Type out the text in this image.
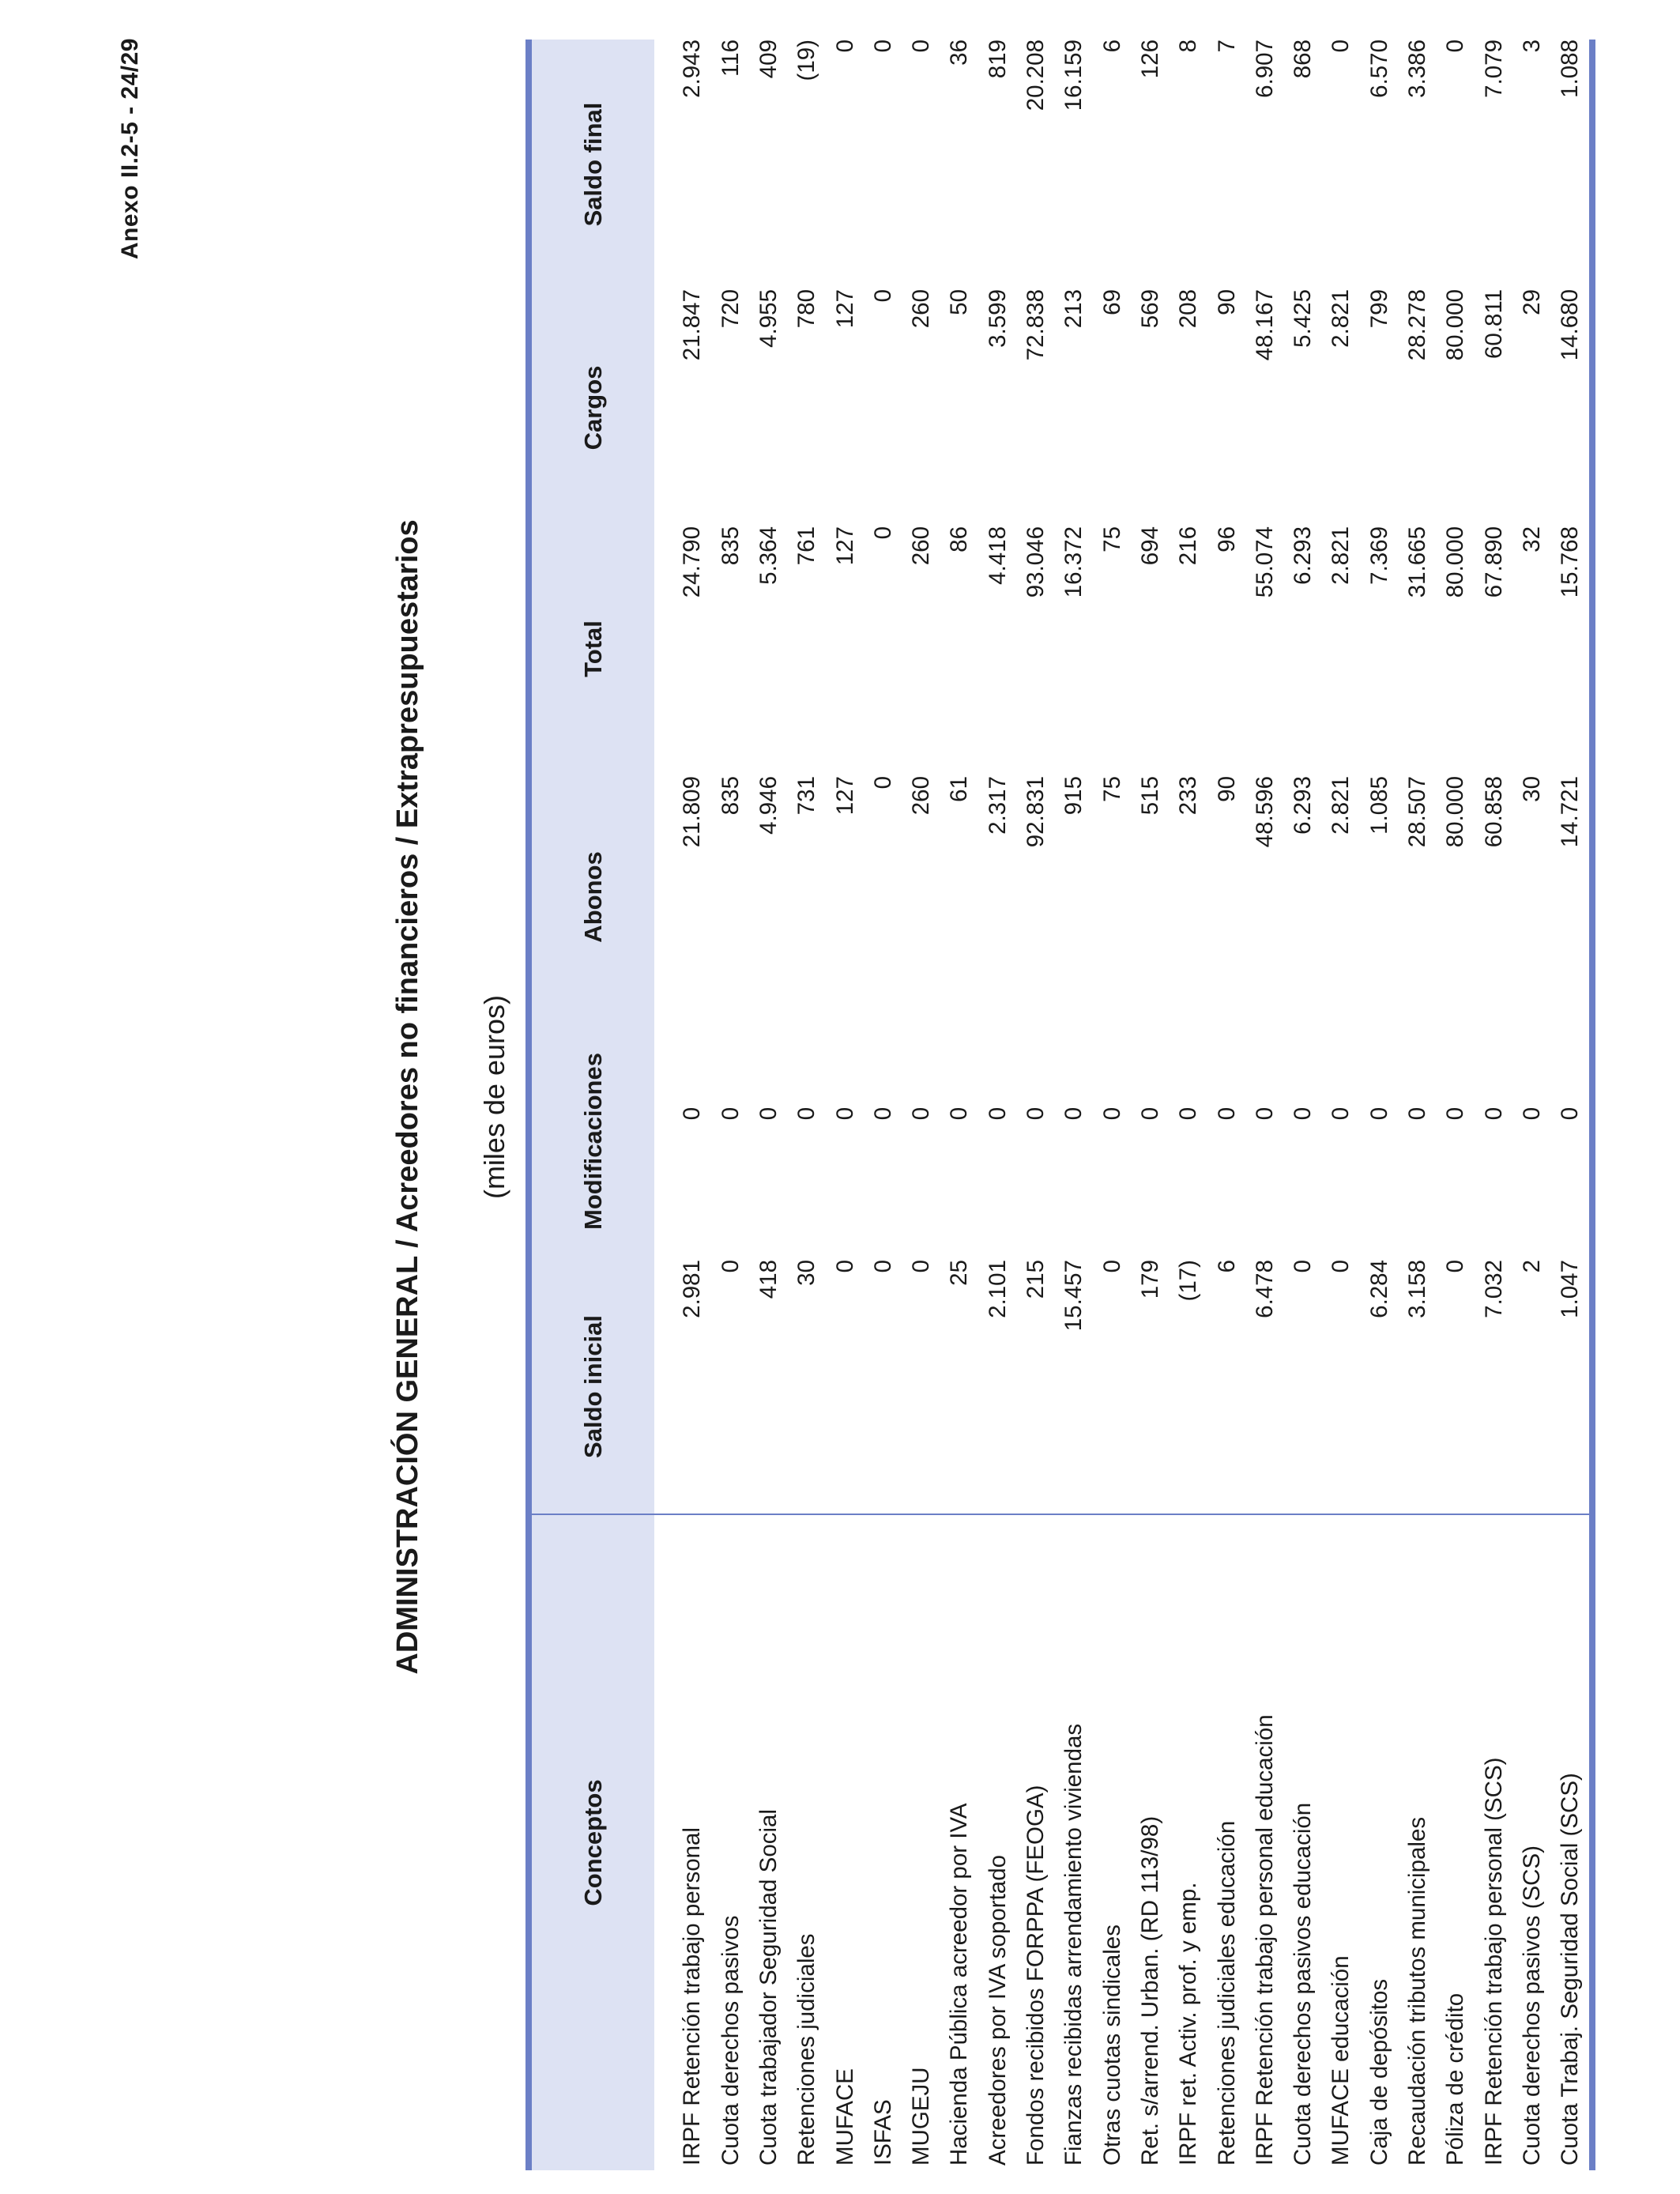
Anexo II.2-5 - 24/29
ADMINISTRACIÓN GENERAL / Acreedores no financieros / Extrapresupuestarios (miles de euros)
Conceptos	Saldo inicial	Modificaciones	Abonos	Total	Cargos	Saldo final
IRPF Retención trabajo personal	2.981	0	21.809	24.790	21.847	2.943
Cuota derechos pasivos	0	0	835	835	720	116
Cuota trabajador Seguridad Social	418	0	4.946	5.364	4.955	409
Retenciones judiciales	30	0	731	761	780	(19)
MUFACE	0	0	127	127	127	0
ISFAS	0	0	0	0	0	0
MUGEJU	0	0	260	260	260	0
Hacienda Pública acreedor por IVA	25	0	61	86	50	36
Acreedores por IVA soportado	2.101	0	2.317	4.418	3.599	819
Fondos recibidos FORPPA (FEOGA)	215	0	92.831	93.046	72.838	20.208
Fianzas recibidas arrendamiento viviendas	15.457	0	915	16.372	213	16.159
Otras cuotas sindicales	0	0	75	75	69	6
Ret. s/arrend. Urban. (RD 113/98)	179	0	515	694	569	126
IRPF ret. Activ. prof. y emp.	(17)	0	233	216	208	8
Retenciones judiciales educación	6	0	90	96	90	7
IRPF Retención trabajo personal educación	6.478	0	48.596	55.074	48.167	6.907
Cuota derechos pasivos educación	0	0	6.293	6.293	5.425	868
MUFACE educación	0	0	2.821	2.821	2.821	0
Caja de depósitos	6.284	0	1.085	7.369	799	6.570
Recaudación tributos municipales	3.158	0	28.507	31.665	28.278	3.386
Póliza de crédito	0	0	80.000	80.000	80.000	0
IRPF Retención trabajo personal (SCS)	7.032	0	60.858	67.890	60.811	7.079
Cuota derechos pasivos (SCS)	2	0	30	32	29	3
Cuota Trabaj. Seguridad Social (SCS)	1.047	0	14.721	15.768	14.680	1.088
